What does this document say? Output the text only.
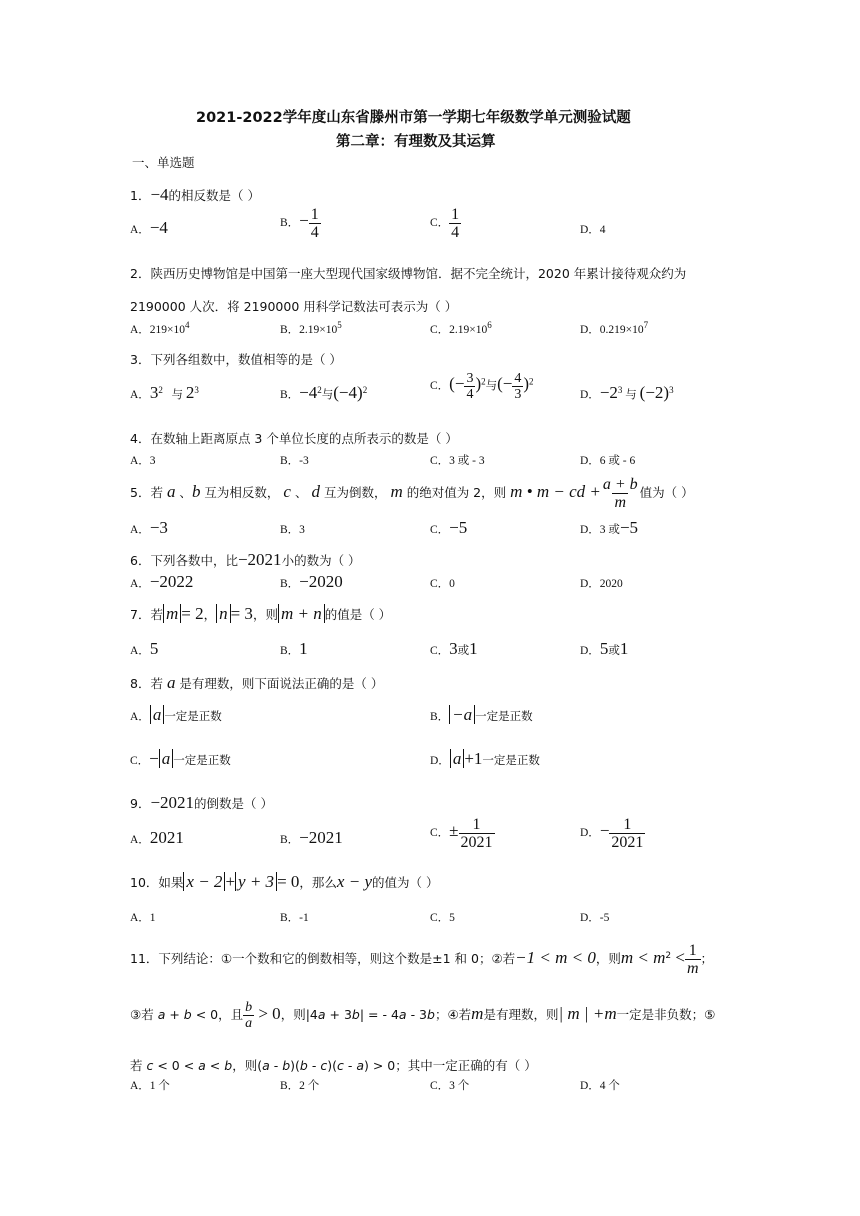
2021-2022学年度山东省滕州市第一学期七年级数学单元测验试题
第二章：有理数及其运算
一、单选题
1．−4的相反数是（ ）
A．−4	B．− $\frac{1}{4}$	C． $\frac{1}{4}$	D．4
2．陕西历史博物馆是中国第一座大型现代国家级博物馆．据不完全统计，2020 年累计接待观众约为
2190000 人次．将 2190000 用科学记数法可表示为（ ）
A．$219\times 10^4$	B．$2.19\times 10^5$	C．$2.19\times 10^6$	D．$0.219\times 10^7$
3．下列各组数中，数值相等的是（ ）
A．$3^2$ 与 $2^3$	B．$-4^2$与$(-4)^2$	C．(− $\frac{3}{4} )^2$与(− $\frac{4}{3} )^2$
D．$-2^3$ 与 $(-2)^3$
4．在数轴上距离原点 3 个单位长度的点所表示的数是（ ）
A．3	B．-3	C．3 或 - 3	D．6 或 - 6
5．若 a 、b 互为相反数， c 、 d 互为倒数， m 的绝对值为 2，则 m • m − cd + $\frac{a + b}{m}$ 值为（ ）
A．−3	B．3	C．−5	D．3 或−5
6．下列各数中，比−2021小的数为（ ）
A．−2022	B．−2020	C．0	D．2020
7．若 m = 2， n = 3，则 m + n 的值是（ ）
A．5	B．1	C．3或1	D．5或1
8．若 a 是有理数，则下面说法正确的是（ ）
A． a 一定是正数	B． −a 一定是正数
C．− a 一定是正数	D． a +1一定是正数
9．−2021的倒数是（ ）
A．2021	B．−2021	C．± $\frac{1}{2021}$	D．− $\frac{1}{2021}$
10．如果 x − 2 + y + 3 = 0，那么x − y的值为（ ）
A．1	B．-1	C．5	D．-5
11．下列结论：①一个数和它的倒数相等，则这个数是±1 和 0；②若−1 < m < 0，则$m < m^2 < \frac{1}{m}$ ；
③若 a + b < 0，且 $\frac{b}{a} > 0$，则|4a + 3b| = - 4a - 3b；④若m是有理数，则| m | +m一定是非负数；⑤
若 c < 0 < a < b，则(a - b)(b - c)(c - a) > 0；其中一定正确的有（ ）
A．1 个	B．2 个	C．3 个	D．4 个
